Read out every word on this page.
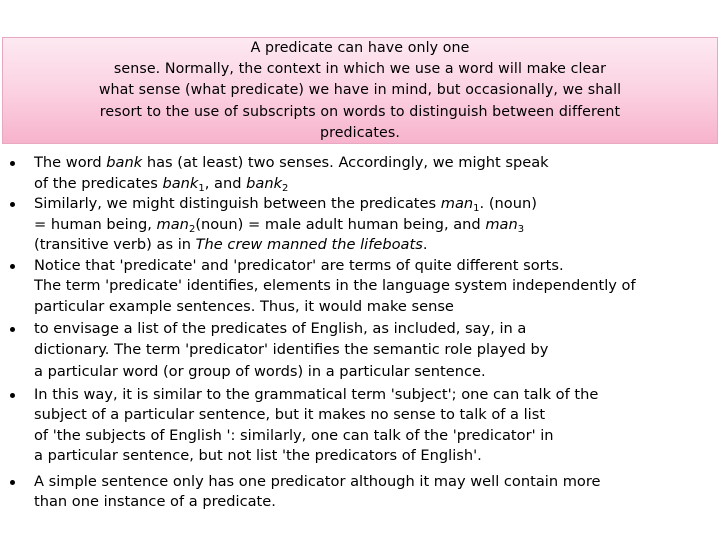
A predicate can have only one
sense. Normally, the context in which we use a word will make clear
what sense (what predicate) we have in mind, but occasionally, we shall
resort to the use of subscripts on words to distinguish between different
predicates.
The word bank has (at least) two senses. Accordingly, we might speak
of the predicates bank$_1$, and bank$_2$
Similarly, we might distinguish between the predicates man$_1$. (noun)
= human being, man$_2$(noun) = male adult human being, and man$_3$
(transitive verb) as in The crew manned the lifeboats.
Notice that 'predicate' and 'predicator' are terms of quite different sorts.
The term 'predicate' identifies, elements in the language system independently of
particular example sentences. Thus, it would make sense
to envisage a list of the predicates of English, as included, say, in a
dictionary. The term 'predicator' identifies the semantic role played by
a particular word (or group of words) in a particular sentence.
In this way, it is similar to the grammatical term 'subject'; one can talk of the
subject of a particular sentence, but it makes no sense to talk of a list
of 'the subjects of English ': similarly, one can talk of the 'predicator' in
a particular sentence, but not list 'the predicators of English'.
A simple sentence only has one predicator although it may well contain more
than one instance of a predicate.
